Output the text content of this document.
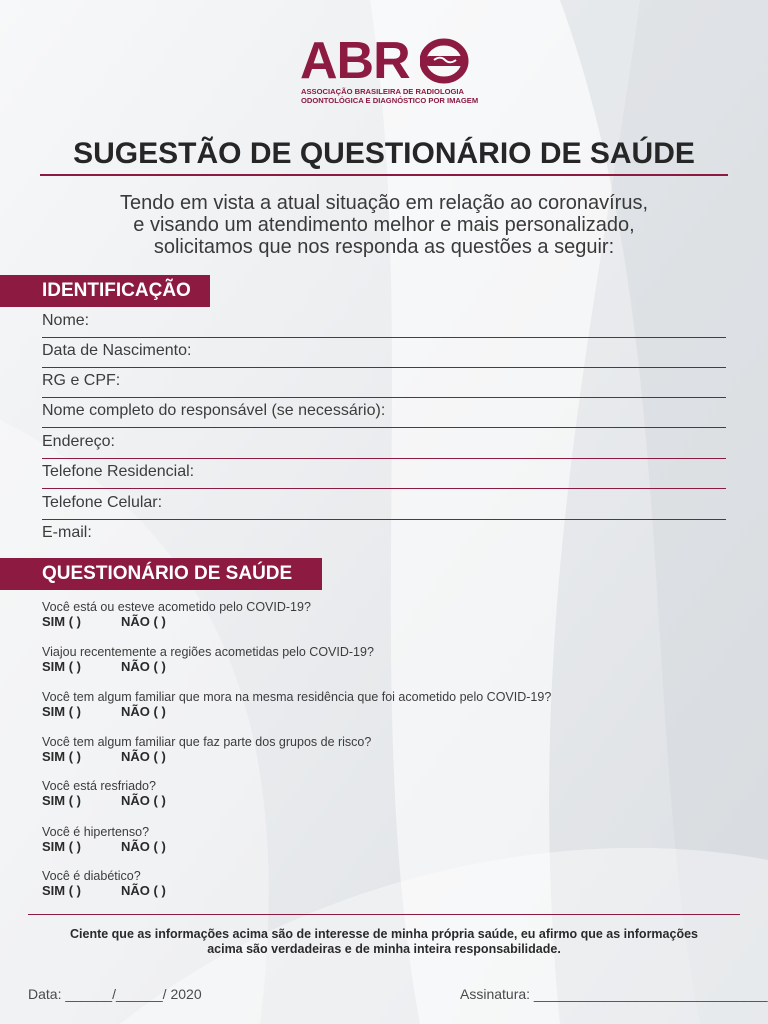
ABR
ASSOCIAÇÃO BRASILEIRA DE RADIOLOGIA
ODONTOLÓGICA E DIAGNÓSTICO POR IMAGEM
SUGESTÃO DE QUESTIONÁRIO DE SAÚDE
Tendo em vista a atual situação em relação ao coronavírus,
e visando um atendimento melhor e mais personalizado,
solicitamos que nos responda as questões a seguir:
IDENTIFICAÇÃO
Nome:
Data de Nascimento:
RG e CPF:
Nome completo do responsável (se necessário):
Endereço:
Telefone Residencial:
Telefone Celular:
E-mail:
QUESTIONÁRIO DE SAÚDE
Você está ou esteve acometido pelo COVID-19?
SIM ( )	NÃO ( )
Viajou recentemente a regiões acometidas pelo COVID-19?
SIM ( )	NÃO ( )
Você tem algum familiar que mora na mesma residência que foi acometido pelo COVID-19?
SIM ( )	NÃO ( )
Você tem algum familiar que faz parte dos grupos de risco?
SIM ( )	NÃO ( )
Você está resfriado?
SIM ( )	NÃO ( )
Você é hipertenso?
SIM ( )	NÃO ( )
Você é diabético?
SIM ( )	NÃO ( )
Ciente que as informações acima são de interesse de minha própria saúde, eu afirmo que as informações
acima são verdadeiras e de minha inteira responsabilidade.
Data: ______/______/ 2020	Assinatura: ______________________________
